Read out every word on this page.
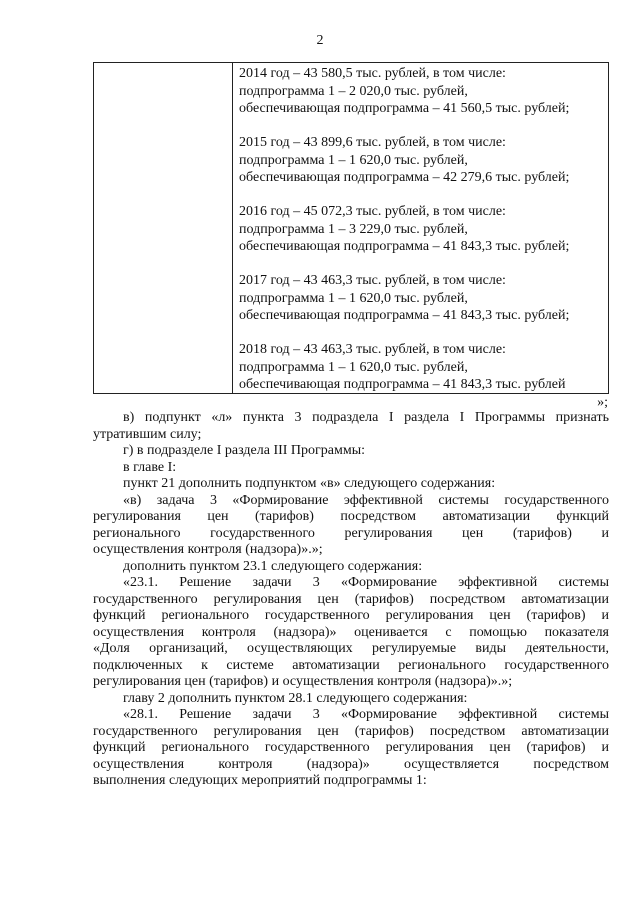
2
2014 год – 43 580,5 тыс. рублей, в том числе:
подпрограмма 1 – 2 020,0 тыс. рублей,
обеспечивающая подпрограмма – 41 560,5 тыс. рублей;
2015 год – 43 899,6 тыс. рублей, в том числе:
подпрограмма 1 – 1 620,0 тыс. рублей,
обеспечивающая подпрограмма – 42 279,6 тыс. рублей;
2016 год – 45 072,3 тыс. рублей, в том числе:
подпрограмма 1 – 3 229,0 тыс. рублей,
обеспечивающая подпрограмма – 41 843,3 тыс. рублей;
2017 год – 43 463,3 тыс. рублей, в том числе:
подпрограмма 1 – 1 620,0 тыс. рублей,
обеспечивающая подпрограмма – 41 843,3 тыс. рублей;
2018 год – 43 463,3 тыс. рублей, в том числе:
подпрограмма 1 – 1 620,0 тыс. рублей,
обеспечивающая подпрограмма – 41 843,3 тыс. рублей
»;
в) подпункт «л» пункта 3 подраздела I раздела I Программы признать
утратившим силу;
г) в подразделе I раздела III Программы:
в главе I:
пункт 21 дополнить подпунктом «в» следующего содержания:
«в) задача 3 «Формирование эффективной системы государственного
регулирования цен (тарифов) посредством автоматизации функций
регионального государственного регулирования цен (тарифов) и
осуществления контроля (надзора)».»;
дополнить пунктом 23.1 следующего содержания:
«23.1. Решение задачи 3 «Формирование эффективной системы
государственного регулирования цен (тарифов) посредством автоматизации
функций регионального государственного регулирования цен (тарифов) и
осуществления контроля (надзора)» оценивается с помощью показателя
«Доля организаций, осуществляющих регулируемые виды деятельности,
подключенных к системе автоматизации регионального государственного
регулирования цен (тарифов) и осуществления контроля (надзора)».»;
главу 2 дополнить пунктом 28.1 следующего содержания:
«28.1. Решение задачи 3 «Формирование эффективной системы
государственного регулирования цен (тарифов) посредством автоматизации
функций регионального государственного регулирования цен (тарифов) и
осуществления контроля (надзора)» осуществляется посредством
выполнения следующих мероприятий подпрограммы 1:
